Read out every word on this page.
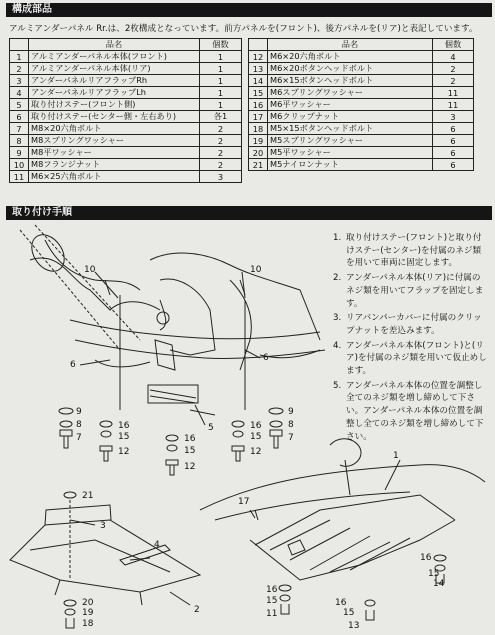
構成部品
アルミアンダーパネル Rr.は、2枚構成となっています。前方パネルを(フロント)、後方パネルを(リア)と表記しています。
	品名	個数
1	アルミアンダーパネル本体(フロント)	1
2	アルミアンダーパネル本体(リア)	1
3	アンダーパネルリアフラップRh	1
4	アンダーパネルリアフラップLh	1
5	取り付けステー(フロント側)	1
6	取り付けステー(センター側・左右あり)	各1
7	M8×20六角ボルト	2
8	M8スプリングワッシャー	2
9	M8平ワッシャー	2
10	M8フランジナット	2
11	M6×25六角ボルト	3
	品名	個数
12	M6×20六角ボルト	4
13	M6×20ボタンヘッドボルト	2
14	M6×15ボタンヘッドボルト	2
15	M6スプリングワッシャー	11
16	M6平ワッシャー	11
17	M6クリップナット	3
18	M5×15ボタンヘッドボルト	6
19	M5スプリングワッシャー	6
20	M5平ワッシャー	6
21	M5ナイロンナット	6
取り付け手順
10	10
6
6
5
9
8
7
16
15
12
16
15
12
16
15
12
9
8
7
21
3
4
2
20
19
18
17
1
16
15
11
16
15
13
16
15
14
1. 取り付けステー(フロント)と取り付けステー(センター)を付属のネジ類を用いて車両に固定します。
2. アンダーパネル本体(リア)に付属のネジ類を用いてフラップを固定します。
3. リアバンパーカバーに付属のクリップナットを差込みます。
4. アンダーパネル本体(フロント)と(リア)を付属のネジ類を用いて仮止めします。
5. アンダーパネル本体の位置を調整し全てのネジ類を増し締めして下さい。アンダーパネル本体の位置を調整し全てのネジ類を増し締めして下さい。
